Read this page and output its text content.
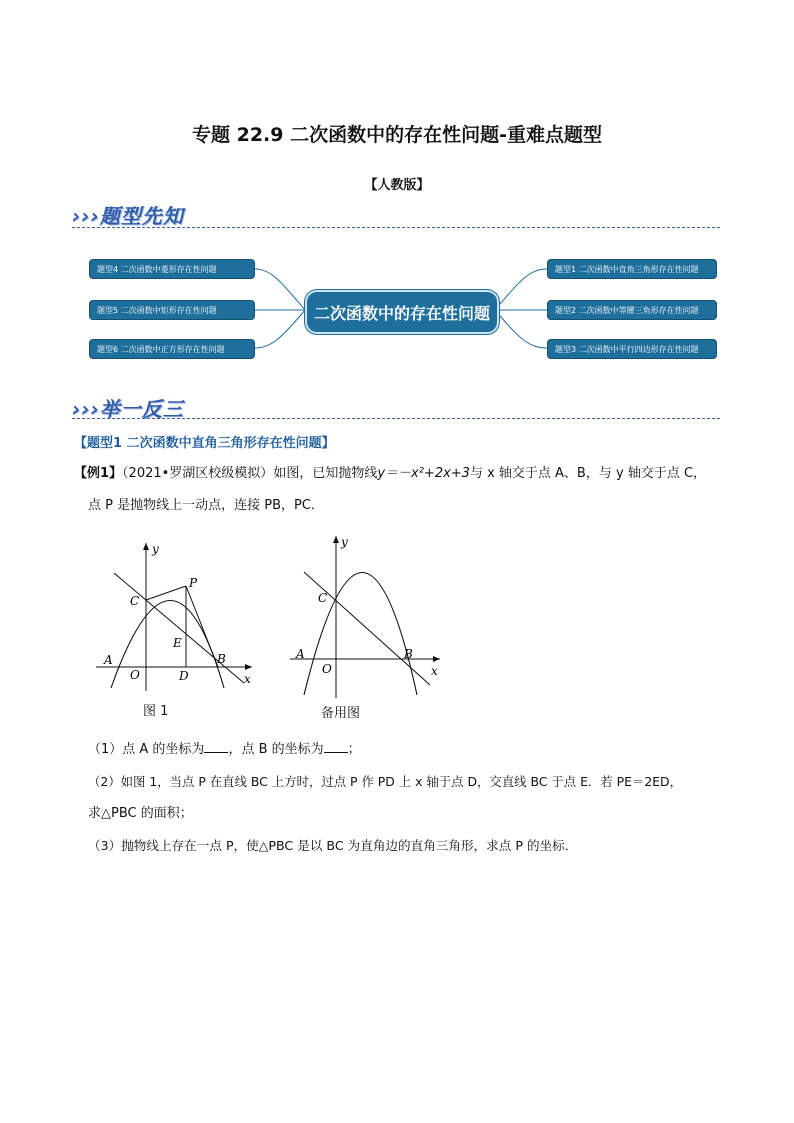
专题 22.9 二次函数中的存在性问题-重难点题型
【人教版】
›››题型先知
二次函数中的存在性问题
题型4 二次函数中菱形存在性问题
题型5 二次函数中矩形存在性问题
题型6 二次函数中正方形存在性问题
题型1 二次函数中直角三角形存在性问题
题型2 二次函数中等腰三角形存在性问题
题型3 二次函数中平行四边形存在性问题
›››举一反三
【题型1 二次函数中直角三角形存在性问题】
【例1】（2021•罗湖区校级模拟）如图，已知抛物线y＝－x²+2x+3与 x 轴交于点 A、B，与 y 轴交于点 C，
点 P 是抛物线上一动点，连接 PB，PC．
y
x
C
P
E
A
O	D
B
图 1
y
x
C
A
O
B
备用图
（1）点 A 的坐标为 ，点 B 的坐标为 ；
（2）如图 1，当点 P 在直线 BC 上方时，过点 P 作 PD 上 x 轴于点 D，交直线 BC 于点 E．若 PE＝2ED，
求△PBC 的面积；
（3）抛物线上存在一点 P，使△PBC 是以 BC 为直角边的直角三角形，求点 P 的坐标．
